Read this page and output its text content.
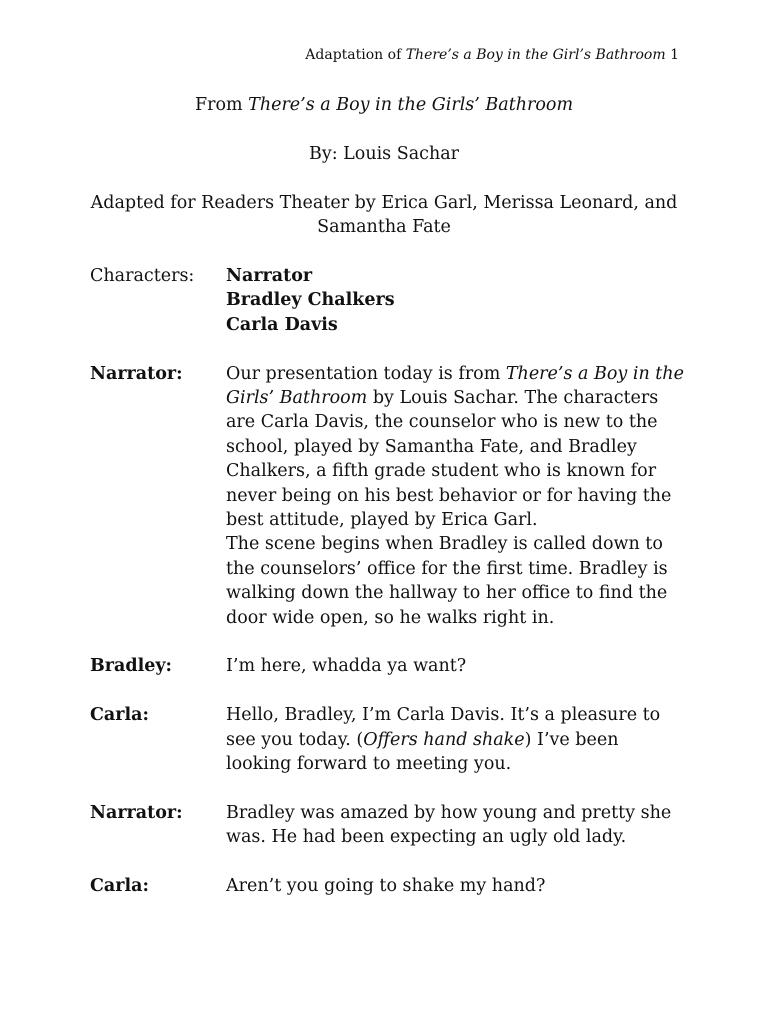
Adaptation of There’s a Boy in the Girl’s Bathroom 1
From There’s a Boy in the Girls’ Bathroom
By: Louis Sachar
Adapted for Readers Theater by Erica Garl, Merissa Leonard, and
Samantha Fate
Characters:	Narrator
Bradley Chalkers
Carla Davis
Narrator:	Our presentation today is from There’s a Boy in the Girls’ Bathroom by Louis Sachar. The characters are Carla Davis, the counselor who is new to the school, played by Samantha Fate, and Bradley Chalkers, a fifth grade student who is known for never being on his best behavior or for having the best attitude, played by Erica Garl.
The scene begins when Bradley is called down to the counselors’ office for the first time. Bradley is walking down the hallway to her office to find the door wide open, so he walks right in.
Bradley:	I’m here, whadda ya want?
Carla:	Hello, Bradley, I’m Carla Davis. It’s a pleasure to see you today. (Offers hand shake) I’ve been looking forward to meeting you.
Narrator:	Bradley was amazed by how young and pretty she was. He had been expecting an ugly old lady.
Carla:	Aren’t you going to shake my hand?
